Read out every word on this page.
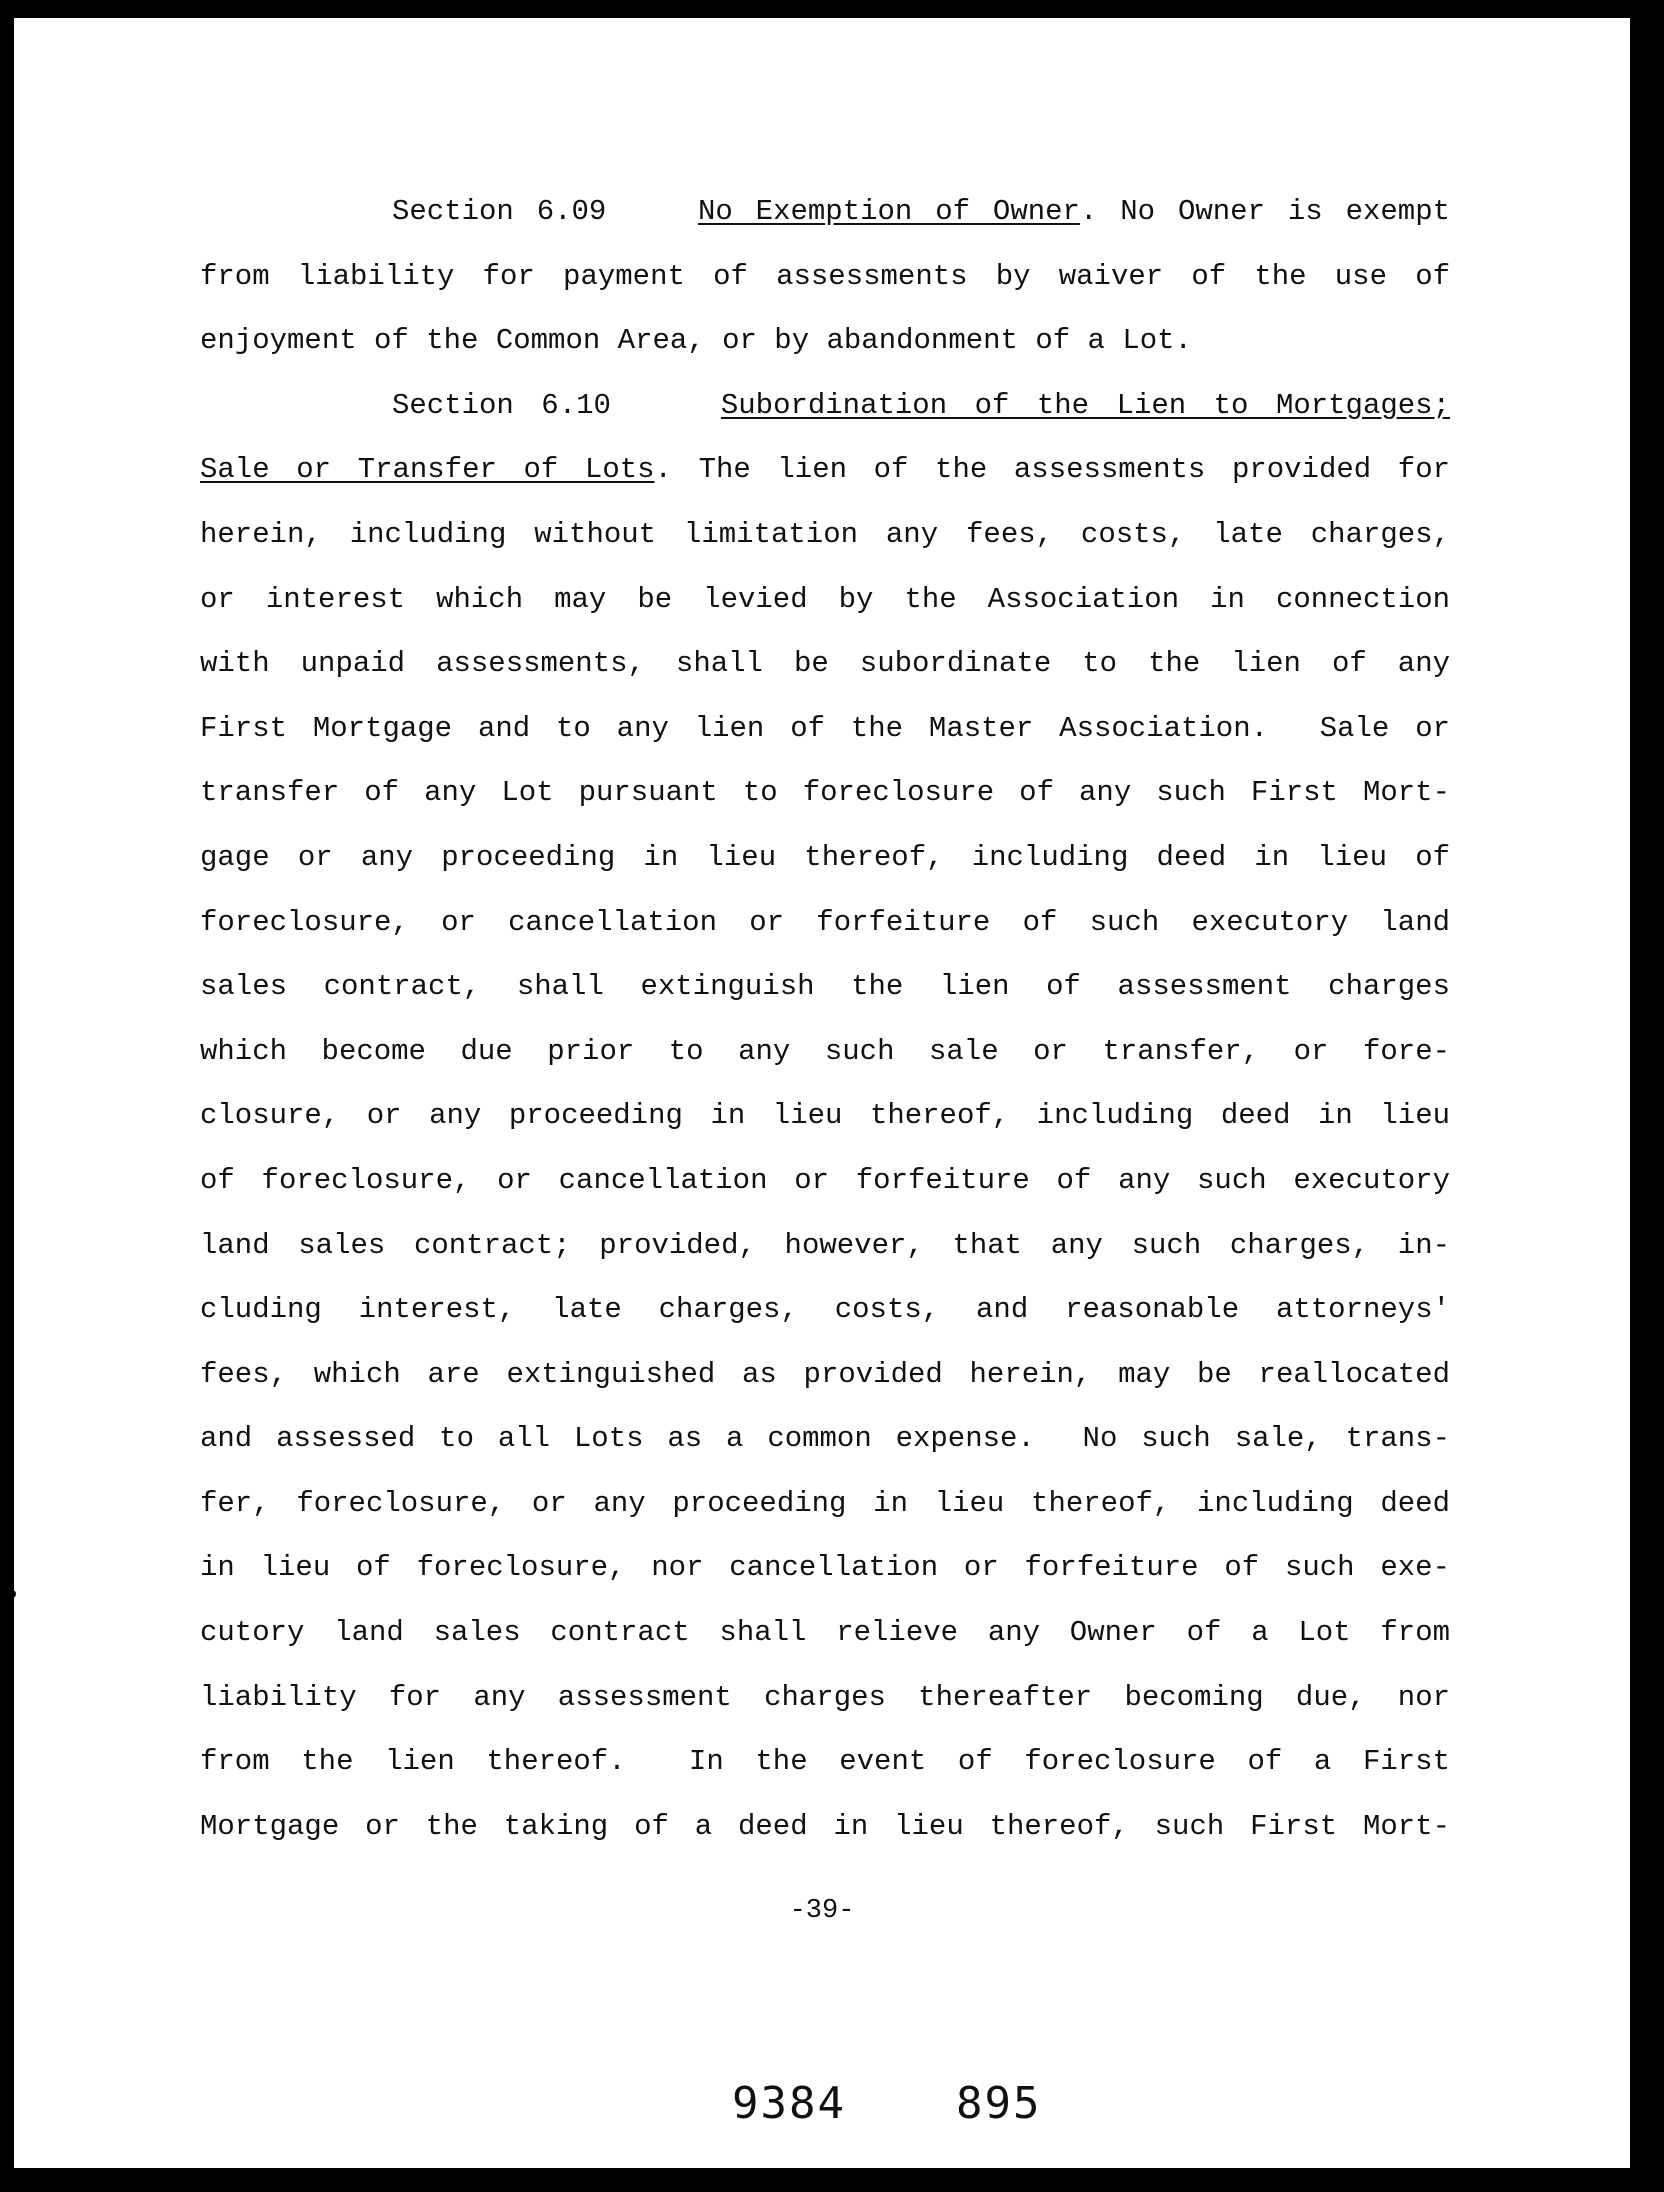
Section 6.09	No Exemption of Owner. No Owner is exempt
from liability for payment of assessments by waiver of the use of
enjoyment of the Common Area, or by abandonment of a Lot.
Section 6.10	Subordination of the Lien to Mortgages;
Sale or Transfer of Lots. The lien of the assessments provided for
herein, including without limitation any fees, costs, late charges,
or interest which may be levied by the Association in connection
with unpaid assessments, shall be subordinate to the lien of any
First Mortgage and to any lien of the Master Association.  Sale or
transfer of any Lot pursuant to foreclosure of any such First Mort-
gage or any proceeding in lieu thereof, including deed in lieu of
foreclosure, or cancellation or forfeiture of such executory land
sales contract, shall extinguish the lien of assessment charges
which become due prior to any such sale or transfer, or fore-
closure, or any proceeding in lieu thereof, including deed in lieu
of foreclosure, or cancellation or forfeiture of any such executory
land sales contract; provided, however, that any such charges, in-
cluding interest, late charges, costs, and reasonable attorneys'
fees, which are extinguished as provided herein, may be reallocated
and assessed to all Lots as a common expense.  No such sale, trans-
fer, foreclosure, or any proceeding in lieu thereof, including deed
in lieu of foreclosure, nor cancellation or forfeiture of such exe-
cutory land sales contract shall relieve any Owner of a Lot from
liability for any assessment charges thereafter becoming due, nor
from the lien thereof.  In the event of foreclosure of a First
Mortgage or the taking of a deed in lieu thereof, such First Mort-
-39-
9384	895
